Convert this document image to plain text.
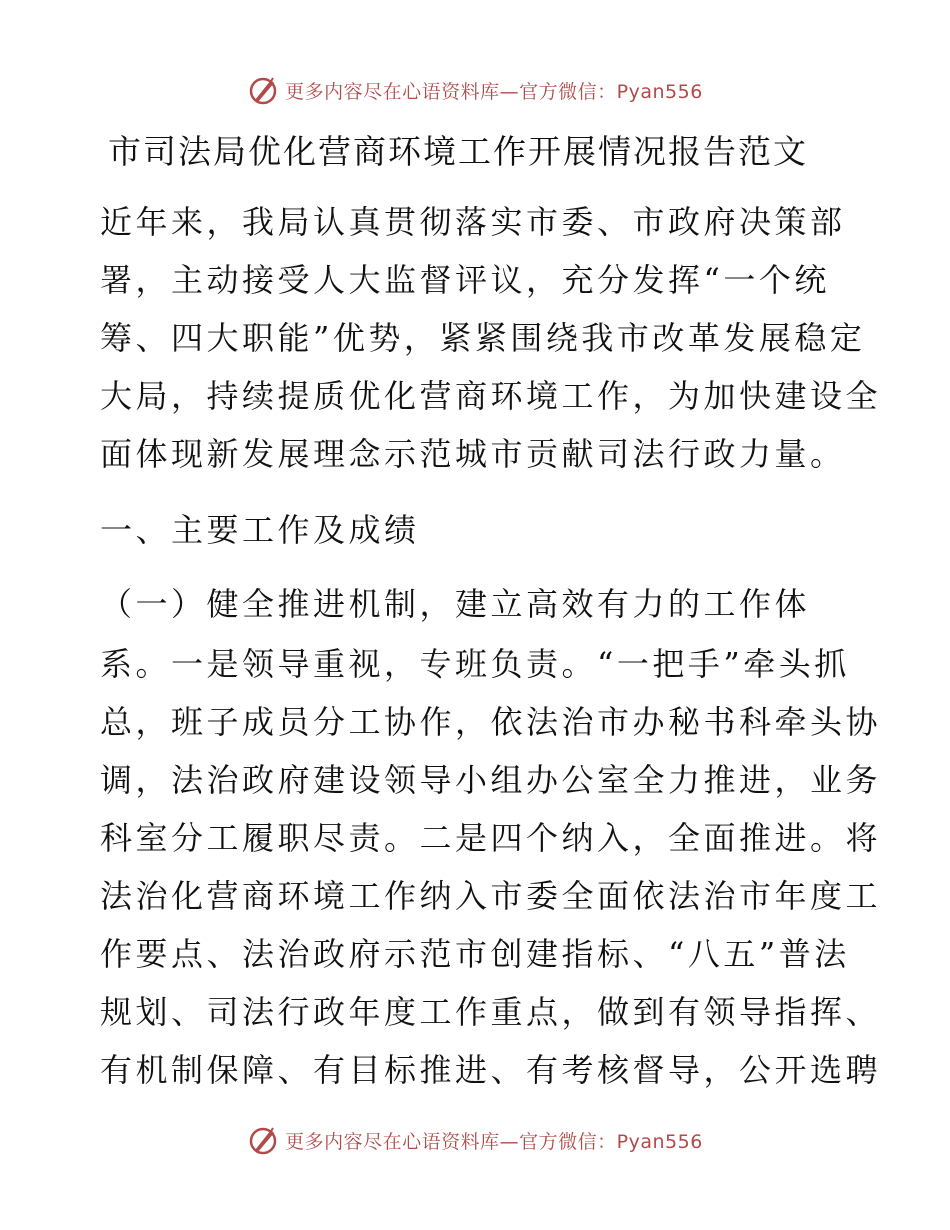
更多内容尽在心语资料库—官方微信：Pyan556
市司法局优化营商环境工作开展情况报告范文

近年来，我局认真贯彻落实市委、市政府决策部

署，主动接受人大监督评议，充分发挥“一个统

筹、四大职能”优势，紧紧围绕我市改革发展稳定

大局，持续提质优化营商环境工作，为加快建设全

面体现新发展理念示范城市贡献司法行政力量。

一、主要工作及成绩

（一）健全推进机制，建立高效有力的工作体

系。一是领导重视，专班负责。“一把手”牵头抓

总，班子成员分工协作，依法治市办秘书科牵头协

调，法治政府建设领导小组办公室全力推进，业务

科室分工履职尽责。二是四个纳入，全面推进。将

法治化营商环境工作纳入市委全面依法治市年度工

作要点、法治政府示范市创建指标、“八五”普法

规划、司法行政年度工作重点，做到有领导指挥、

有机制保障、有目标推进、有考核督导，公开选聘

更多内容尽在心语资料库—官方微信：Pyan556
